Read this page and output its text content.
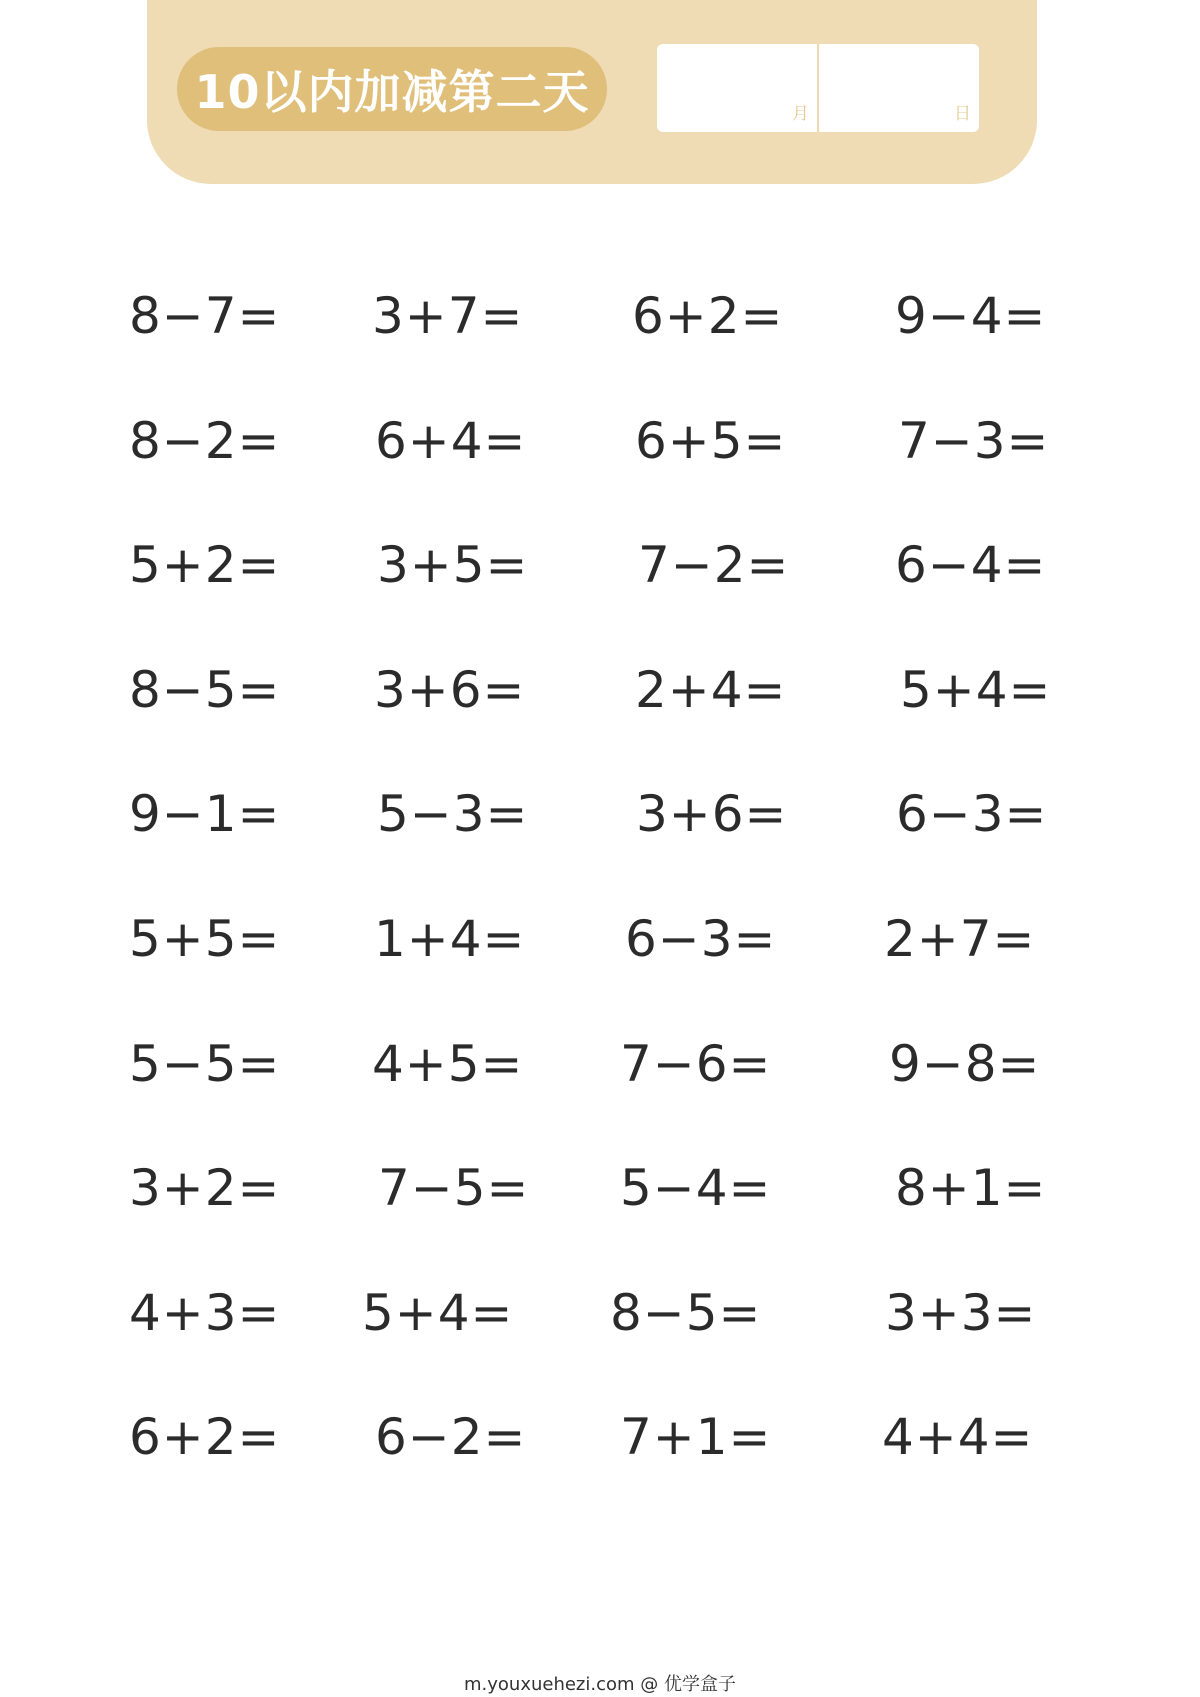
10以内加减第二天	月	日
8−7= 3+7= 6+2= 9−4=
8−2= 6+4= 6+5= 7−3=
5+2= 3+5= 7−2= 6−4=
8−5= 3+6= 2+4= 5+4=
9−1= 5−3= 3+6= 6−3=
5+5= 1+4= 6−3= 2+7=
5−5= 4+5= 7−6= 9−8=
3+2= 7−5= 5−4= 8+1=
4+3= 5+4= 8−5= 3+3=
6+2= 6−2= 7+1= 4+4=
m.youxuehezi.com @ 优学盒子
